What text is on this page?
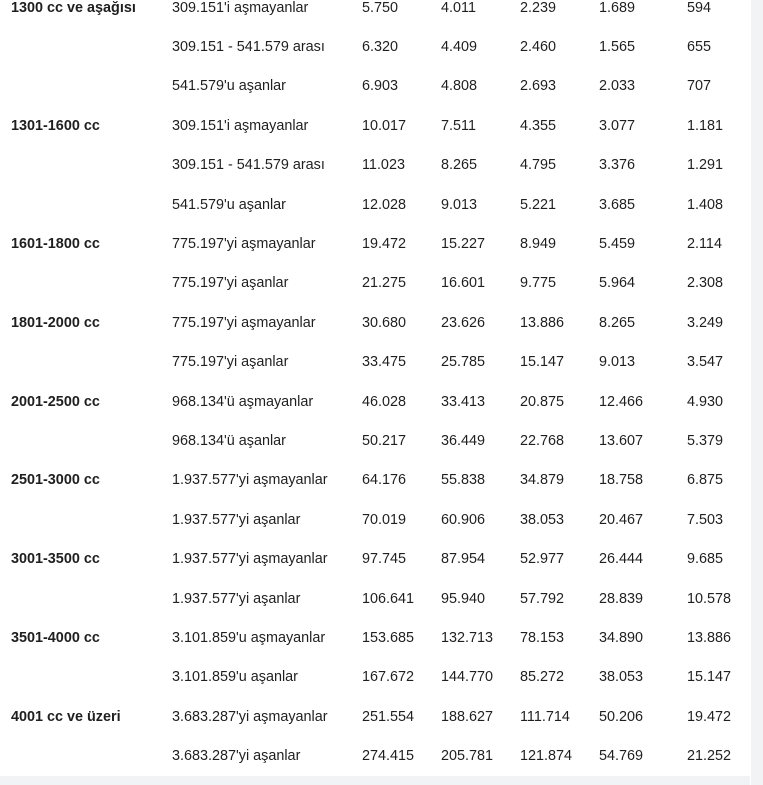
1300 cc ve aşağısı	309.151'i aşmayanlar	5.750	4.011	2.239	1.689	594
	309.151 - 541.579 arası	6.320	4.409	2.460	1.565	655
	541.579'u aşanlar	6.903	4.808	2.693	2.033	707
1301-1600 cc	309.151'i aşmayanlar	10.017	7.511	4.355	3.077	1.181
	309.151 - 541.579 arası	11.023	8.265	4.795	3.376	1.291
	541.579'u aşanlar	12.028	9.013	5.221	3.685	1.408
1601-1800 cc	775.197'yi aşmayanlar	19.472	15.227	8.949	5.459	2.114
	775.197'yi aşanlar	21.275	16.601	9.775	5.964	2.308
1801-2000 cc	775.197'yi aşmayanlar	30.680	23.626	13.886	8.265	3.249
	775.197'yi aşanlar	33.475	25.785	15.147	9.013	3.547
2001-2500 cc	968.134'ü aşmayanlar	46.028	33.413	20.875	12.466	4.930
	968.134'ü aşanlar	50.217	36.449	22.768	13.607	5.379
2501-3000 cc	1.937.577'yi aşmayanlar	64.176	55.838	34.879	18.758	6.875
	1.937.577'yi aşanlar	70.019	60.906	38.053	20.467	7.503
3001-3500 cc	1.937.577'yi aşmayanlar	97.745	87.954	52.977	26.444	9.685
	1.937.577'yi aşanlar	106.641	95.940	57.792	28.839	10.578
3501-4000 cc	3.101.859'u aşmayanlar	153.685	132.713	78.153	34.890	13.886
	3.101.859'u aşanlar	167.672	144.770	85.272	38.053	15.147
4001 cc ve üzeri	3.683.287'yi aşmayanlar	251.554	188.627	111.714	50.206	19.472
	3.683.287'yi aşanlar	274.415	205.781	121.874	54.769	21.252
